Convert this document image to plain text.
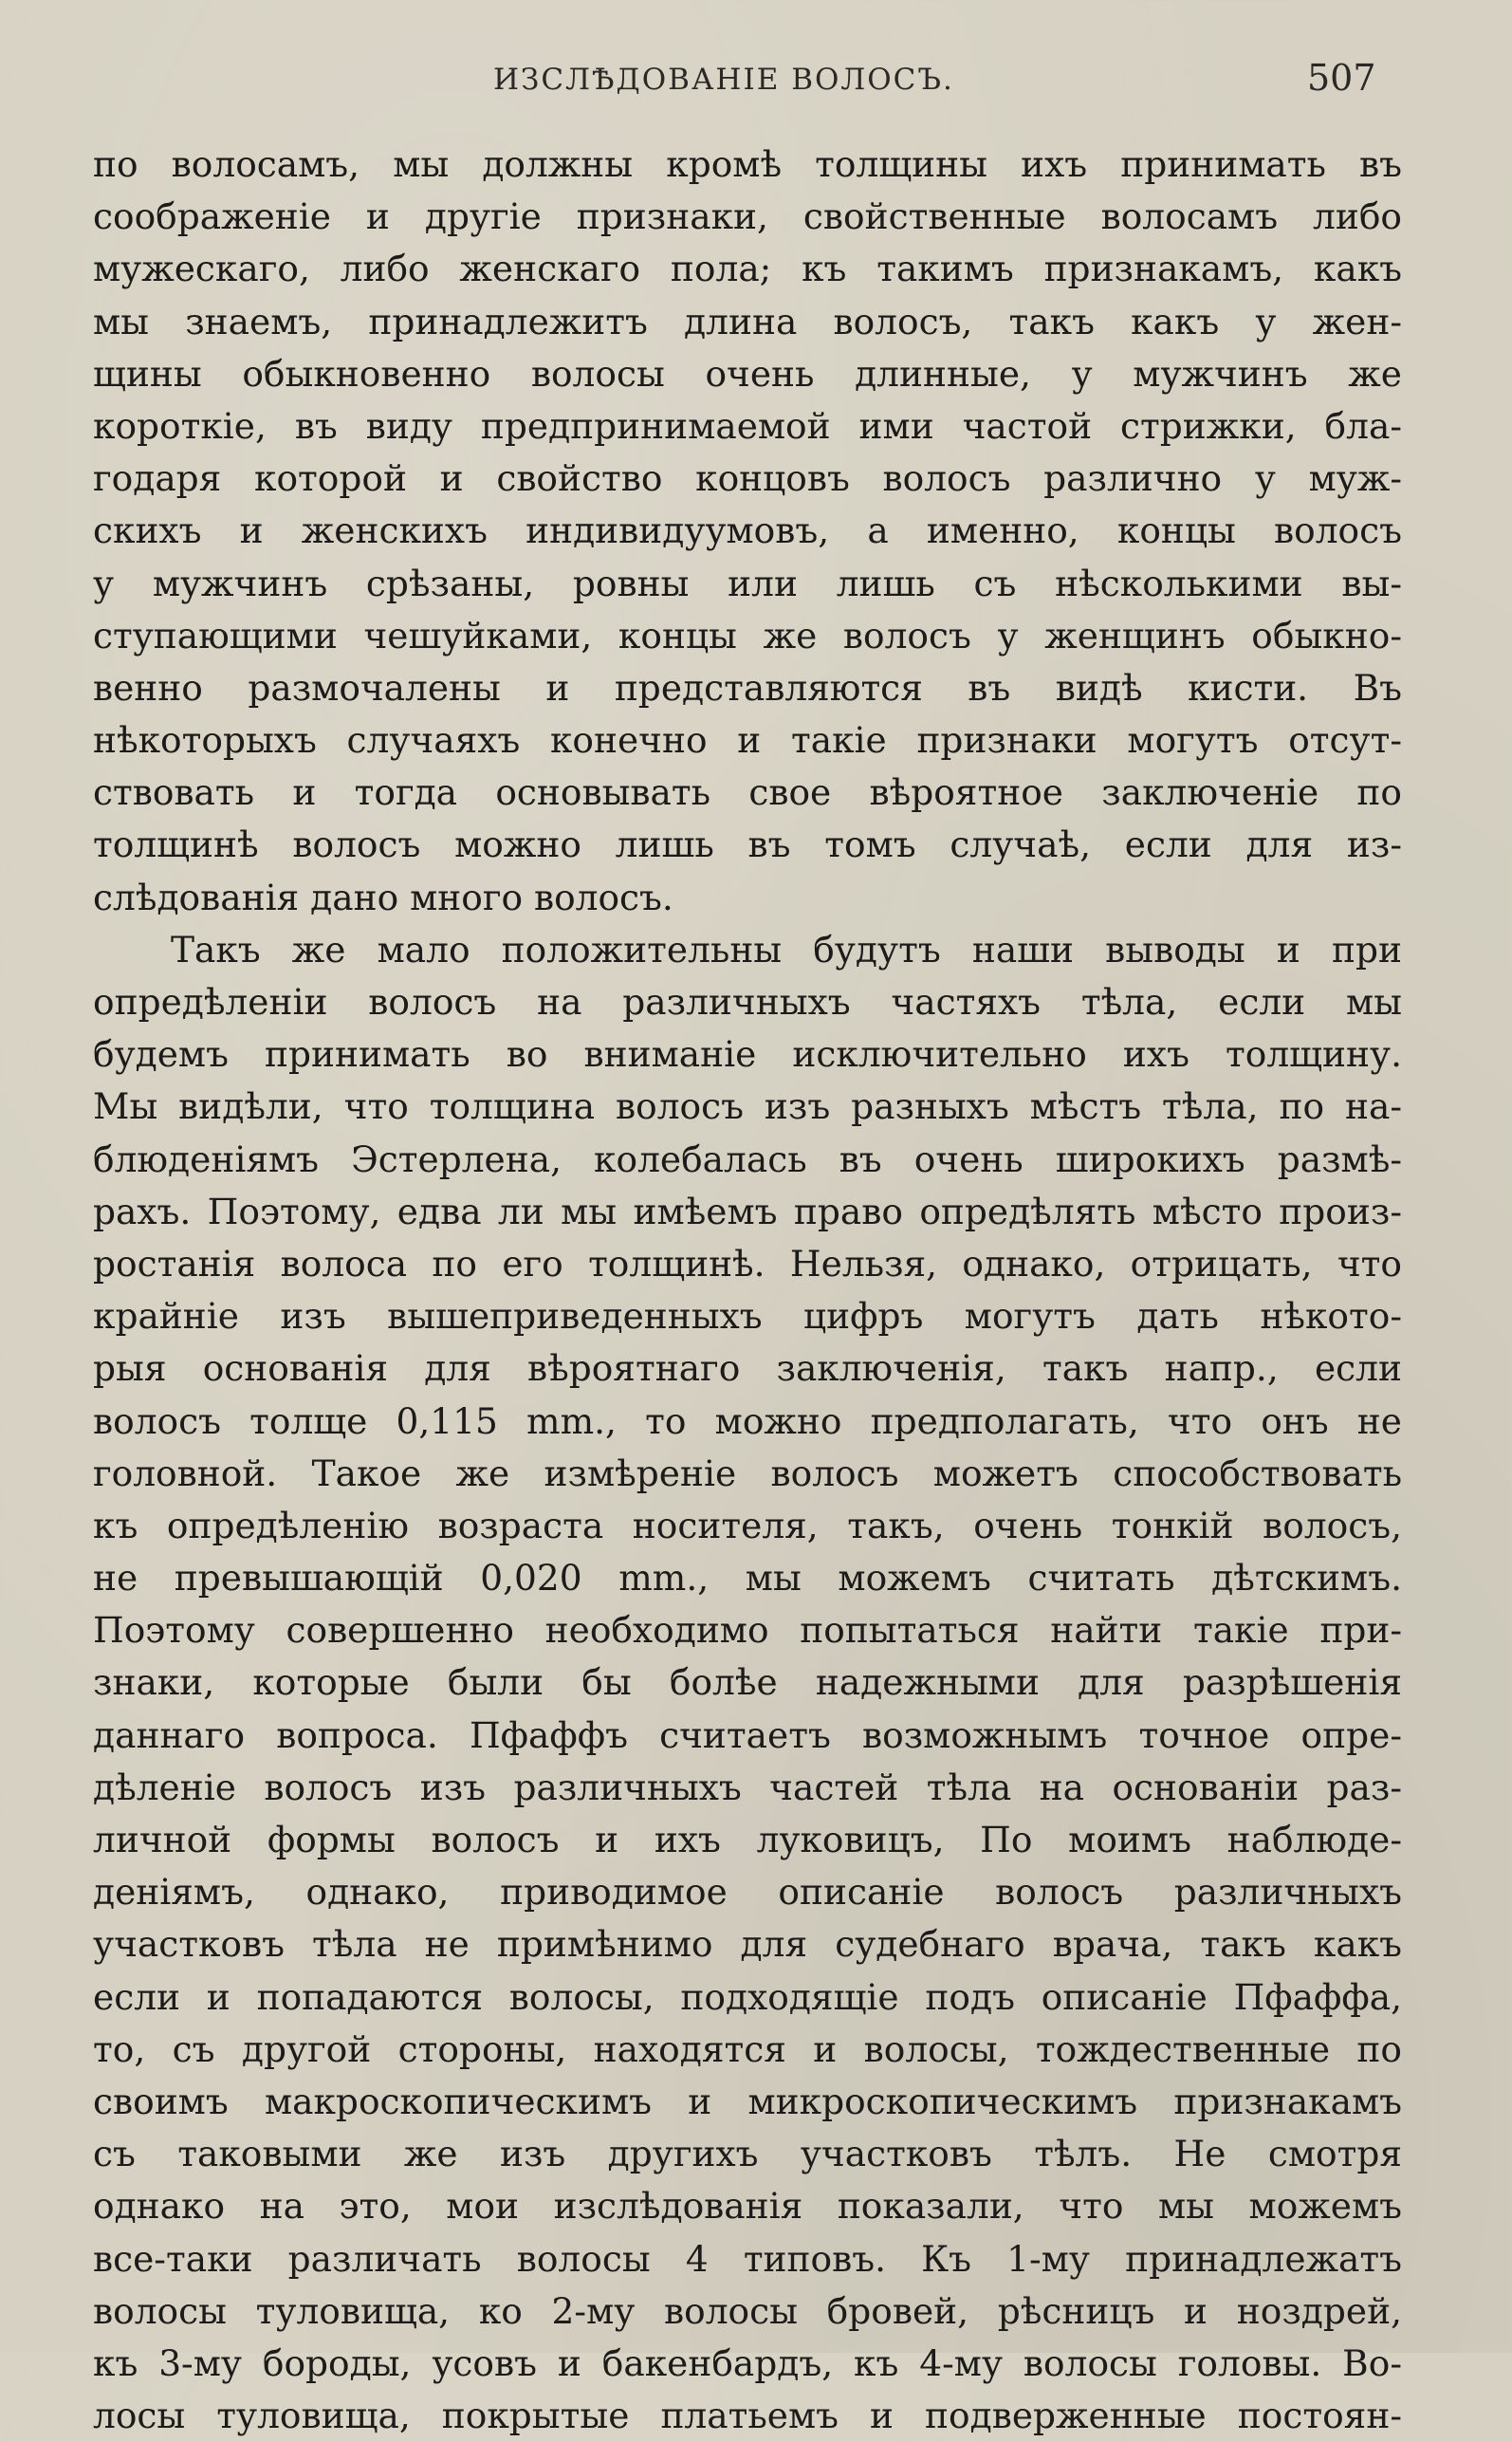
ИЗСЛѢДОВАНІЕ ВОЛОСЪ.	507
по волосамъ, мы должны кромѣ толщины ихъ принимать въ
соображеніе и другіе признаки, свойственные волосамъ либо
мужескаго, либо женскаго пола; къ такимъ признакамъ, какъ
мы знаемъ, принадлежитъ длина волосъ, такъ какъ у жен-
щины обыкновенно волосы очень длинные, у мужчинъ же
короткіе, въ виду предпринимаемой ими частой стрижки, бла-
годаря которой и свойство концовъ волосъ различно у муж-
скихъ и женскихъ индивидуумовъ, а именно, концы волосъ
у мужчинъ срѣзаны, ровны или лишь съ нѣсколькими вы-
ступающими чешуйками, концы же волосъ у женщинъ обыкно-
венно размочалены и представляются въ видѣ кисти. Въ
нѣкоторыхъ случаяхъ конечно и такіе признаки могутъ отсут-
ствовать и тогда основывать свое вѣроятное заключеніе по
толщинѣ волосъ можно лишь въ томъ случаѣ, если для из-
слѣдованія дано много волосъ.
Такъ же мало положительны будутъ наши выводы и при
опредѣленіи волосъ на различныхъ частяхъ тѣла, если мы
будемъ принимать во вниманіе исключительно ихъ толщину.
Мы видѣли, что толщина волосъ изъ разныхъ мѣстъ тѣла, по на-
блюденіямъ Эстерлена, колебалась въ очень широкихъ размѣ-
рахъ. Поэтому, едва ли мы имѣемъ право опредѣлять мѣсто произ-
ростанія волоса по его толщинѣ. Нельзя, однако, отрицать, что
крайніе изъ вышеприведенныхъ цифръ могутъ дать нѣкото-
рыя основанія для вѣроятнаго заключенія, такъ напр., если
волосъ толще 0,115 mm., то можно предполагать, что онъ не
головной. Такое же измѣреніе волосъ можетъ способствовать
къ опредѣленію возраста носителя, такъ, очень тонкій волосъ,
не превышающій 0,020 mm., мы можемъ считать дѣтскимъ.
Поэтому совершенно необходимо попытаться найти такіе при-
знаки, которые были бы болѣе надежными для разрѣшенія
даннаго вопроса. Пфаффъ считаетъ возможнымъ точное опре-
дѣленіе волосъ изъ различныхъ частей тѣла на основаніи раз-
личной формы волосъ и ихъ луковицъ, По моимъ наблюде-
деніямъ, однако, приводимое описаніе волосъ различныхъ
участковъ тѣла не примѣнимо для судебнаго врача, такъ какъ
если и попадаются волосы, подходящіе подъ описаніе Пфаффа,
то, съ другой стороны, находятся и волосы, тождественные по
своимъ макроскопическимъ и микроскопическимъ признакамъ
съ таковыми же изъ другихъ участковъ тѣлъ. Не смотря
однако на это, мои изслѣдованія показали, что мы можемъ
все-таки различать волосы 4 типовъ. Къ 1-му принадлежатъ
волосы туловища, ко 2-му волосы бровей, рѣсницъ и ноздрей,
къ 3-му бороды, усовъ и бакенбардъ, къ 4-му волосы головы. Во-
лосы туловища, покрытые платьемъ и подверженные постоян-
